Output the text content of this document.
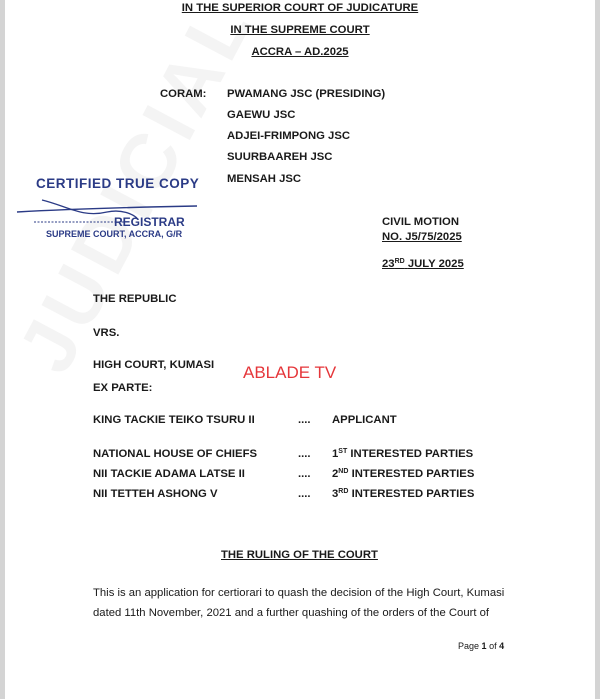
IN THE SUPERIOR COURT OF JUDICATURE
IN THE SUPREME COURT
ACCRA – AD.2025
CORAM: PWAMANG JSC (PRESIDING)
GAEWU JSC
ADJEI-FRIMPONG JSC
SUURBAAREH JSC
MENSAH JSC
CERTIFIED TRUE COPY
REGISTRAR
SUPREME COURT, ACCRA, G/R
CIVIL MOTION
NO. J5/75/2025
23RD JULY 2025
THE REPUBLIC
VRS.
HIGH COURT, KUMASI ABLADE TV
EX PARTE:
KING TACKIE TEIKO TSURU II	....	APPLICANT
NATIONAL HOUSE OF CHIEFS	....	1ST INTERESTED PARTIES
NII TACKIE ADAMA LATSE II	....	2ND INTERESTED PARTIES
NII TETTEH ASHONG V	....	3RD INTERESTED PARTIES
THE RULING OF THE COURT
This is an application for certiorari to quash the decision of the High Court, Kumasi
dated 11th November, 2021 and a further quashing of the orders of the Court of
Page 1 of 4
